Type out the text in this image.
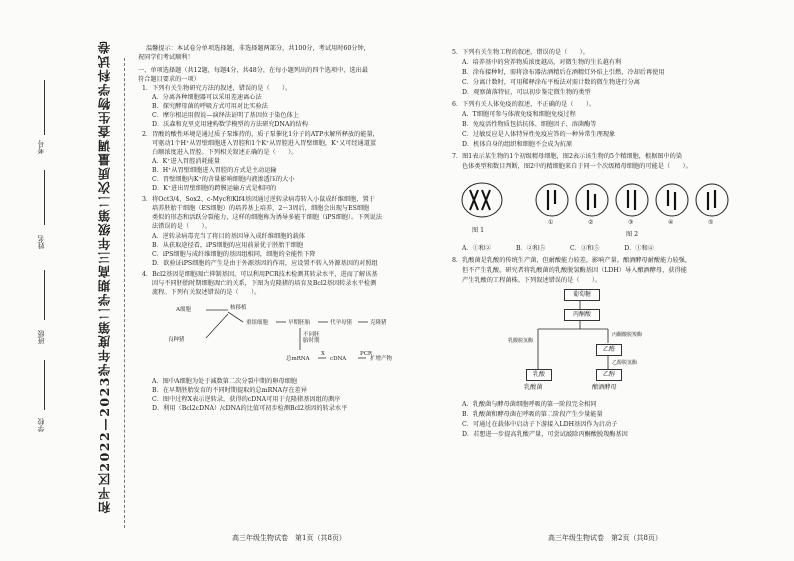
和平区2022—2023学年度第二学期高三年级第二次质量调查生物学科试卷
学校
班级
姓名
考号
温馨提示：本试卷分单项选择题，非选择题两部分，共100分，考试用时60分钟，
祝同学们考试顺利！
一、单项选择题（共12题，每题4分，共48分，在每小题列出的四个选项中，选出最
符合题目要求的一项）
1．下列有关生物研究方法的叙述，错误的是（　　）。
A．分离各种细胞器可以采用差速离心法
B．探究酵母菌的呼吸方式可用对比实验法
C．摩尔根运用假说—演绎法证明了基因位于染色体上
D．沃森和克里克用建构数学模型的方法研究DNA的结构
2．胃酸的酸性环境是通过质子泵维持的，质子泵催化1分子的ATP水解所释放的能量，
可驱动1个H⁺从胃壁细胞进入胃腔和1个K⁺从胃腔进入胃壁细胞，K⁺又可经通道蛋
白顺浓度进入胃腔。下列相关叙述正确的是（　　）。
A．K⁺进入胃腔消耗能量
B．H⁺从胃壁细胞进入胃腔的方式是主动运输
C．胃壁细胞内K⁺的含量影响细胞内液渗透压的大小
D．K⁺进出胃壁细胞的跨膜运输方式是相同的
3．将Oct3/4、Sox2、c-Myc和Klf4基因通过逆转录病毒转入小鼠成纤维细胞，置于
培养胚胎干细胞（ES细胞）的培养基上培养，2～3周后，细胞会出现与ES细胞
类似的形态和活跃分裂能力，这样的细胞称为诱导多能干细胞（iPS细胞）。下列说法
法错误的是（　　）。
A．逆转录病毒充当了将目的基因导入成纤维细胞的载体
B．从获取途径看，iPS细胞的应用前景优于胚胎干细胞
C．iPS细胞与成纤维细胞的基因组相同，细胞的全能性下降
D．欲验证iPS细胞的产生是由于外源基因的作用，应设置不转入外源基因的对照组
4．Bcl2基因是细胞凋亡抑制基因，可以利用PCR技术检测其转录水平，进而了解该基
因与不同胚胎时期细胞凋亡的关系，下图为克隆猪的培育及Bcl2基因转录水平检测
流程。下列有关叙述错误的是（　　）。
A细胞
良种猪
核移植
重组细胞	早期胚胎	代孕母猪	克隆猪
不同胚胎时期
总mRNA
X
cDNA
PCR
扩增产物
A．图中A细胞为处于减数第二次分裂中期的卵母细胞
B．在早期胚胎发育的不同时期提取的总mRNA存在差异
C．图中过程X表示逆转录，获得的cDNA可用于克隆猪基因组的测序
D．利用（Bcl2cDNA）/cDNA的比值可初步检测Bcl2基因的转录水平
高三年级生物试卷　第1页（共8页）
5．下列有关生物工程的叙述，错误的是（　　）。
A．培养基中的营养物质浓度越高，对微生物的生长越有利
B．涂布接种时，需将涂布器沾酒精后在酒精灯外焰上引燃，冷却后再使用
C．分离计数时，可用稀释涂布平板法对需计数的微生物进行分离
D．观察菌落特征，可以初步鉴定微生物的类型
6．下列有关人体免疫的叙述，不正确的是（　　）。
A．T细胞可参与体液免疫和细胞免疫过程
B．免疫活性物质包括抗体、细胞因子、溶菌酶等
C．过敏反应是人体特异性免疫应答的一种异常生理现象
D．机体自身的组织和细胞不会成为抗原
7．图1表示某生物的1个初级精母细胞，图2表示该生物的5个精细胞，根据图中的染
色体类型和数目判断，图2中的精细胞来自于同一个次级精母细胞的可能是（　　）。
图 1
①	②	③	④	⑤
图 2
A．①和②　　　　B．②和⑤　　　　C．③和⑤　　　　D．①和④
8．乳酸菌是乳酸的传统生产菌，但耐酸能力较差，影响产量。酿酒酵母耐酸能力较强，
但不产生乳酸。研究者将乳酸菌的乳酸脱氢酶基因（LDH）导入酿酒酵母，获得能
产生乳酸的工程菌株。下列叙述错误的是（　　）。
葡萄糖
丙酮酸
乳酸脱氢酶
丙酮酸脱羧酶
乙醛
乙醇脱氢酶
乳酸	乙醇
乳酸菌	酿酒酵母
A．乳酸菌与酵母菌细胞呼吸的第一阶段完全相同
B．乳酸菌和酵母菌在呼吸的第二阶段产生少量能量
C．可通过在载体中启动子下游接入LDH基因作为启动子
D．若想进一步提高乳酸产量，可尝试敲除丙酮酸脱羧酶基因
高三年级生物试卷　第2页（共8页）
